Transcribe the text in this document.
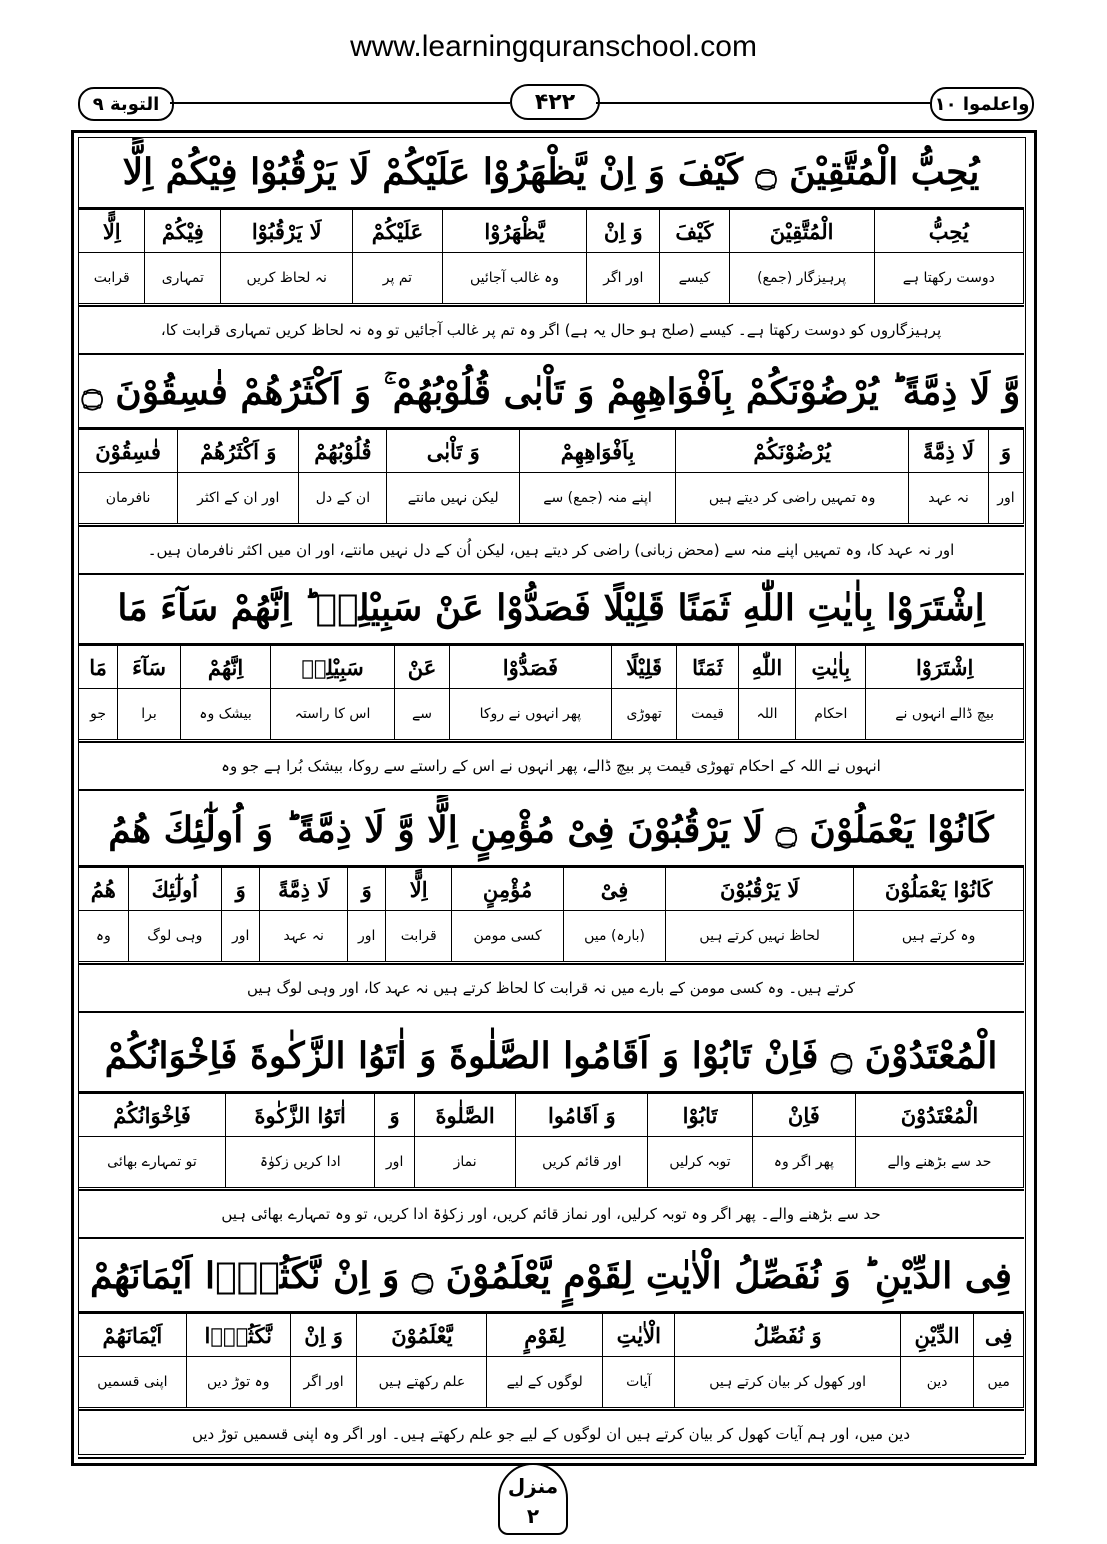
www.learningquranschool.com
واعلموا ۱۰
۴۲۲
التوبة ۹
یُحِبُّ الْمُتَّقِیْنَ ۝ کَیْفَ وَ اِنْ یَّظْهَرُوْا عَلَیْكُمْ لَا یَرْقُبُوْا فِیْكُمْ اِلًّا
یُحِبُّ	الْمُتَّقِیْنَ	کَیْفَ	وَ اِنْ	یَّظْهَرُوْا	عَلَیْكُمْ	لَا یَرْقُبُوْا	فِیْكُمْ	اِلًّا
دوست رکھتا ہے	پرہیزگار (جمع)	کیسے	اور اگر	وہ غالب آجائیں	تم پر	نہ لحاظ کریں	تمہاری	قرابت
پرہیزگاروں کو دوست رکھتا ہے۔ کیسے (صلح ہو حال یہ ہے) اگر وہ تم پر غالب آجائیں تو وہ نہ لحاظ کریں تمہاری قرابت کا،
وَّ لَا ذِمَّةً ؕ یُرْضُوْنَكُمْ بِاَفْوَاهِهِمْ وَ تَاْبٰی قُلُوْبُهُمْ ۚ وَ اَكْثَرُهُمْ فٰسِقُوْنَ ۝
وَ	لَا ذِمَّةً	یُرْضُوْنَكُمْ	بِاَفْوَاهِهِمْ	وَ تَاْبٰی	قُلُوْبُهُمْ	وَ اَكْثَرُهُمْ	فٰسِقُوْنَ
اور	نہ عہد	وہ تمہیں راضی کر دیتے ہیں	اپنے منہ (جمع) سے	لیکن نہیں مانتے	ان کے دل	اور ان کے اکثر	نافرمان
اور نہ عہد کا، وہ تمہیں اپنے منہ سے (محض زبانی) راضی کر دیتے ہیں، لیکن اُن کے دل نہیں مانتے، اور ان میں اکثر نافرمان ہیں۔
اِشْتَرَوْا بِاٰیٰتِ اللّٰهِ ثَمَنًا قَلِیْلًا فَصَدُّوْا عَنْ سَبِیْلِهٖ ؕ اِنَّهُمْ سَآءَ مَا
اِشْتَرَوْا	بِاٰیٰتِ	اللّٰهِ	ثَمَنًا	قَلِیْلًا	فَصَدُّوْا	عَنْ	سَبِیْلِهٖ	اِنَّهُمْ	سَآءَ	مَا
بیچ ڈالے انہوں نے	احکام	اللہ	قیمت	تھوڑی	پھر انہوں نے روکا	سے	اس کا راستہ	بیشک وہ	برا	جو
انہوں نے اللہ کے احکام تھوڑی قیمت پر بیچ ڈالے، پھر انہوں نے اس کے راستے سے روکا، بیشک بُرا ہے جو وہ
كَانُوْا یَعْمَلُوْنَ ۝ لَا یَرْقُبُوْنَ فِیْ مُؤْمِنٍ اِلًّا وَّ لَا ذِمَّةً ؕ وَ اُولٰٓئِكَ هُمُ
كَانُوْا یَعْمَلُوْنَ	لَا یَرْقُبُوْنَ	فِیْ	مُؤْمِنٍ	اِلًّا	وَ	لَا ذِمَّةً	وَ	اُولٰٓئِكَ	هُمُ
وہ کرتے ہیں	لحاظ نہیں کرتے ہیں	(بارہ) میں	کسی مومن	قرابت	اور	نہ عہد	اور	وہی لوگ	وہ
کرتے ہیں۔ وہ کسی مومن کے بارے میں نہ قرابت کا لحاظ کرتے ہیں نہ عہد کا، اور وہی لوگ ہیں
الْمُعْتَدُوْنَ ۝ فَاِنْ تَابُوْا وَ اَقَامُوا الصَّلٰوةَ وَ اٰتَوُا الزَّكٰوةَ فَاِخْوَانُكُمْ
الْمُعْتَدُوْنَ	فَاِنْ	تَابُوْا	وَ اَقَامُوا	الصَّلٰوةَ	وَ	اٰتَوُا الزَّكٰوةَ	فَاِخْوَانُكُمْ
حد سے بڑھنے والے	پھر اگر وہ	توبہ کرلیں	اور قائم کریں	نماز	اور	ادا کریں زکوٰۃ	تو تمہارے بھائی
حد سے بڑھنے والے۔ پھر اگر وہ توبہ کرلیں، اور نماز قائم کریں، اور زکوٰۃ ادا کریں، تو وہ تمہارے بھائی ہیں
فِی الدِّیْنِ ؕ وَ نُفَصِّلُ الْاٰیٰتِ لِقَوْمٍ یَّعْلَمُوْنَ ۝ وَ اِنْ نَّكَثُوْۤا اَیْمَانَهُمْ
فِی	الدِّیْنِ	وَ نُفَصِّلُ	الْاٰیٰتِ	لِقَوْمٍ	یَّعْلَمُوْنَ	وَ اِنْ	نَّكَثُوْۤا	اَیْمَانَهُمْ
میں	دین	اور کھول کر بیان کرتے ہیں	آیات	لوگوں کے لیے	علم رکھتے ہیں	اور اگر	وہ توڑ دیں	اپنی قسمیں
دین میں، اور ہم آیات کھول کر بیان کرتے ہیں ان لوگوں کے لیے جو علم رکھتے ہیں۔ اور اگر وہ اپنی قسمیں توڑ دیں
منزل
۲
